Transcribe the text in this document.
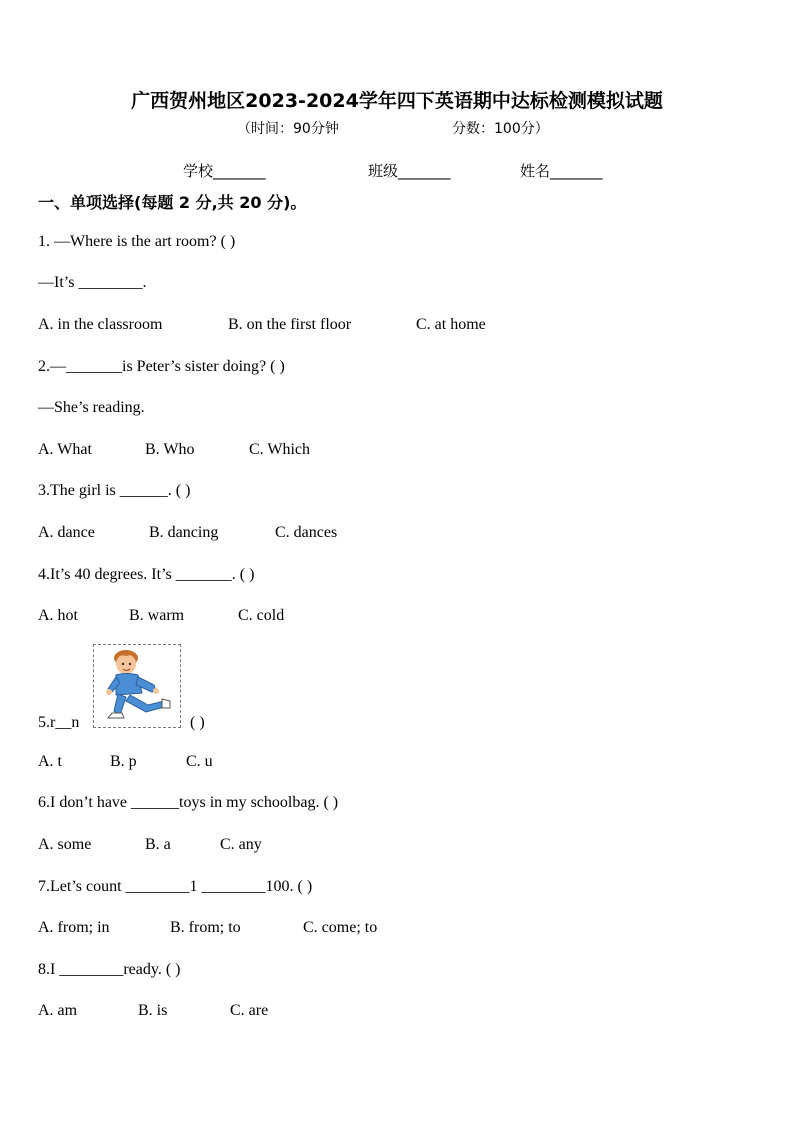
广西贺州地区2023-2024学年四下英语期中达标检测模拟试题
（时间：90分钟	分数：100分）
学校_______	班级_______	姓名_______
一、单项选择(每题 2 分,共 20 分)。
1. —Where is the art room? ( )
—It’s ________.
A. in the classroom	B. on the first floor	C. at home
2.—_______is Peter’s sister doing? ( )
—She’s reading.
A. What	B. Who	C. Which
3.The girl is ______. ( )
A. dance	B. dancing	C. dances
4.It’s 40 degrees. It’s _______. ( )
A. hot	B. warm	C. cold
5.r__n	( )
A. t	B. p	C. u
6.I don’t have ______toys in my schoolbag. ( )
A. some	B. a	C. any
7.Let’s count ________1 ________100. ( )
A. from; in	B. from; to	C. come; to
8.I ________ready. ( )
A. am	B. is	C. are
